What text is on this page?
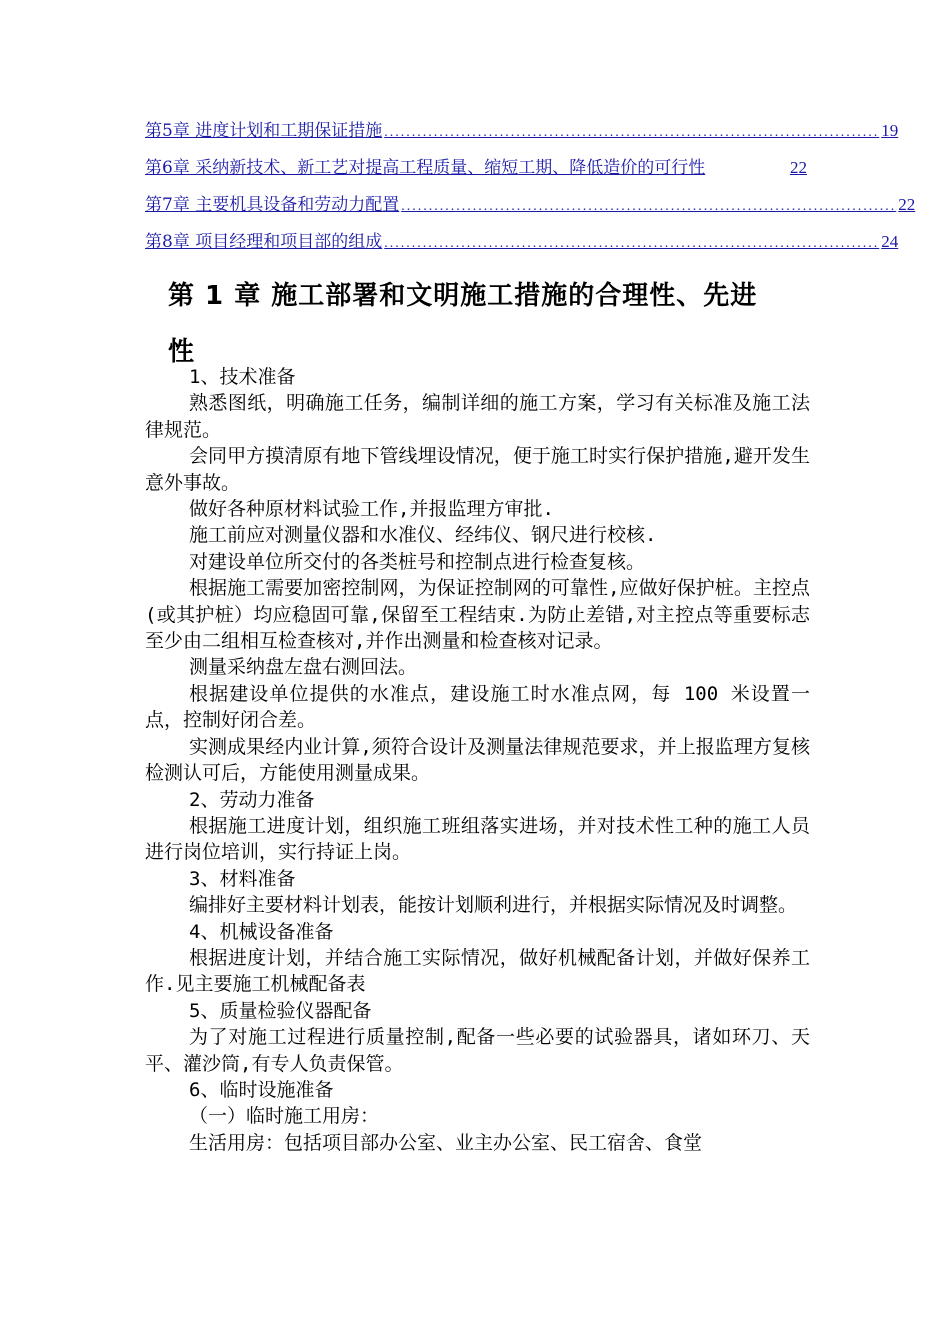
第5章 进度计划和工期保证措施 .......................................................................................... 19
第6章 采纳新技术、新工艺对提高工程质量、缩短工期、降低造价的可行性	22
第7章 主要机具设备和劳动力配置 .......................................................................................... 22
第8章 项目经理和项目部的组成 .......................................................................................... 24
第 1 章 施工部署和文明施工措施的合理性、先进
性

1、技术准备

熟悉图纸，明确施工任务，编制详细的施工方案，学习有关标准及施工法律规范。

会同甲方摸清原有地下管线埋设情况，便于施工时实行保护措施,避开发生意外事故。

做好各种原材料试验工作,并报监理方审批.

施工前应对测量仪器和水准仪、经纬仪、钢尺进行校核.

对建设单位所交付的各类桩号和控制点进行检查复核。

根据施工需要加密控制网，为保证控制网的可靠性,应做好保护桩。主控点(或其护桩）均应稳固可靠,保留至工程结束.为防止差错,对主控点等重要标志至少由二组相互检查核对,并作出测量和检查核对记录。

测量采纳盘左盘右测回法。

根据建设单位提供的水准点，建设施工时水准点网，每 100 米设置一点，控制好闭合差。

实测成果经内业计算,须符合设计及测量法律规范要求，并上报监理方复核检测认可后，方能使用测量成果。

2、劳动力准备

根据施工进度计划，组织施工班组落实进场，并对技术性工种的施工人员进行岗位培训，实行持证上岗。

3、材料准备

编排好主要材料计划表，能按计划顺利进行，并根据实际情况及时调整。

4、机械设备准备

根据进度计划，并结合施工实际情况，做好机械配备计划，并做好保养工作.见主要施工机械配备表

5、质量检验仪器配备

为了对施工过程进行质量控制,配备一些必要的试验器具，诸如环刀、天平、灌沙筒,有专人负责保管。

6、临时设施准备

（一）临时施工用房：

生活用房：包括项目部办公室、业主办公室、民工宿舍、食堂
